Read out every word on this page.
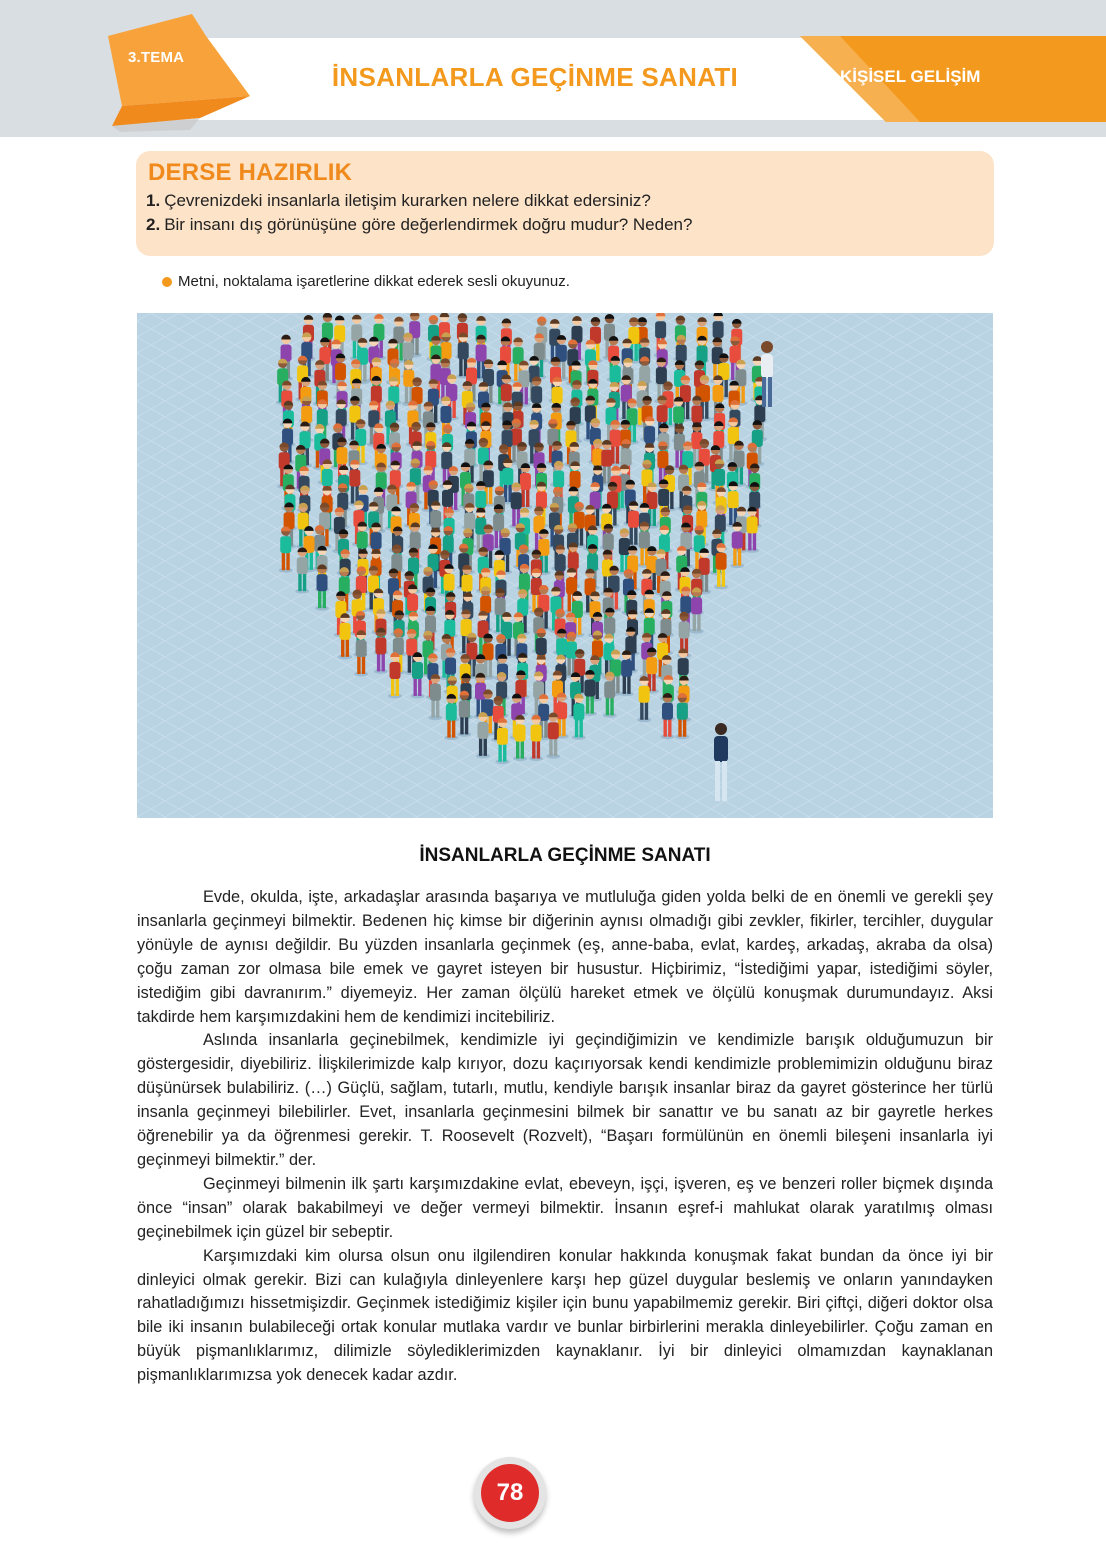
3.TEMA
İNSANLARLA GEÇİNME SANATI	KİŞİSEL GELİŞİM
DERSE HAZIRLIK
1. Çevrenizdeki insanlarla iletişim kurarken nelere dikkat edersiniz?
2. Bir insanı dış görünüşüne göre değerlendirmek doğru mudur? Neden?
Metni, noktalama işaretlerine dikkat ederek sesli okuyunuz.
İNSANLARLA GEÇİNME SANATI

Evde, okulda, işte, arkadaşlar arasında başarıya ve mutluluğa giden yolda belki de en önemli ve gerekli şey insanlarla geçinmeyi bilmektir. Bedenen hiç kimse bir diğerinin aynısı olmadığı gibi zevkler, fikirler, tercihler, duygular yönüyle de aynısı değildir. Bu yüzden insanlarla geçinmek (eş, anne-baba, evlat, kardeş, arkadaş, akraba da olsa) çoğu zaman zor olmasa bile emek ve gayret isteyen bir husustur. Hiçbirimiz, “İstediğimi yapar, istediğimi söyler, istediğim gibi davranırım.” diyemeyiz. Her zaman ölçülü hareket etmek ve ölçülü konuşmak durumundayız. Aksi takdirde hem karşımızdakini hem de kendimizi incitebiliriz.

Aslında insanlarla geçinebilmek, kendimizle iyi geçindiğimizin ve kendimizle barışık olduğumuzun bir göstergesidir, diyebiliriz. İlişkilerimizde kalp kırıyor, dozu kaçırıyorsak kendi kendimizle problemimizin olduğunu biraz düşünürsek bulabiliriz. (…) Güçlü, sağlam, tutarlı, mutlu, kendiyle barışık insanlar biraz da gayret gösterince her türlü insanla geçinmeyi bilebilirler. Evet, insanlarla geçinmesini bilmek bir sanattır ve bu sanatı az bir gayretle herkes öğrenebilir ya da öğrenmesi gerekir. T. Roosevelt (Rozvelt), “Başarı formülünün en önemli bileşeni insanlarla iyi geçinmeyi bilmektir.” der.

Geçinmeyi bilmenin ilk şartı karşımızdakine evlat, ebeveyn, işçi, işveren, eş ve benzeri roller biçmek dışında önce “insan” olarak bakabilmeyi ve değer vermeyi bilmektir. İnsanın eşref-i mahlukat olarak yaratılmış olması geçinebilmek için güzel bir sebeptir.

Karşımızdaki kim olursa olsun onu ilgilendiren konular hakkında konuşmak fakat bundan da önce iyi bir dinleyici olmak gerekir. Bizi can kulağıyla dinleyenlere karşı hep güzel duygular beslemiş ve onların yanındayken rahatladığımızı hissetmişizdir. Geçinmek istediğimiz kişiler için bunu yapabilmemiz gerekir. Biri çiftçi, diğeri doktor olsa bile iki insanın bulabileceği ortak konular mutlaka vardır ve bunlar birbirlerini merakla dinleyebilirler. Çoğu zaman en büyük pişmanlıklarımız, dilimizle söylediklerimizden kaynaklanır. İyi bir dinleyici olmamızdan kaynaklanan pişmanlıklarımızsa yok denecek kadar azdır.

78
